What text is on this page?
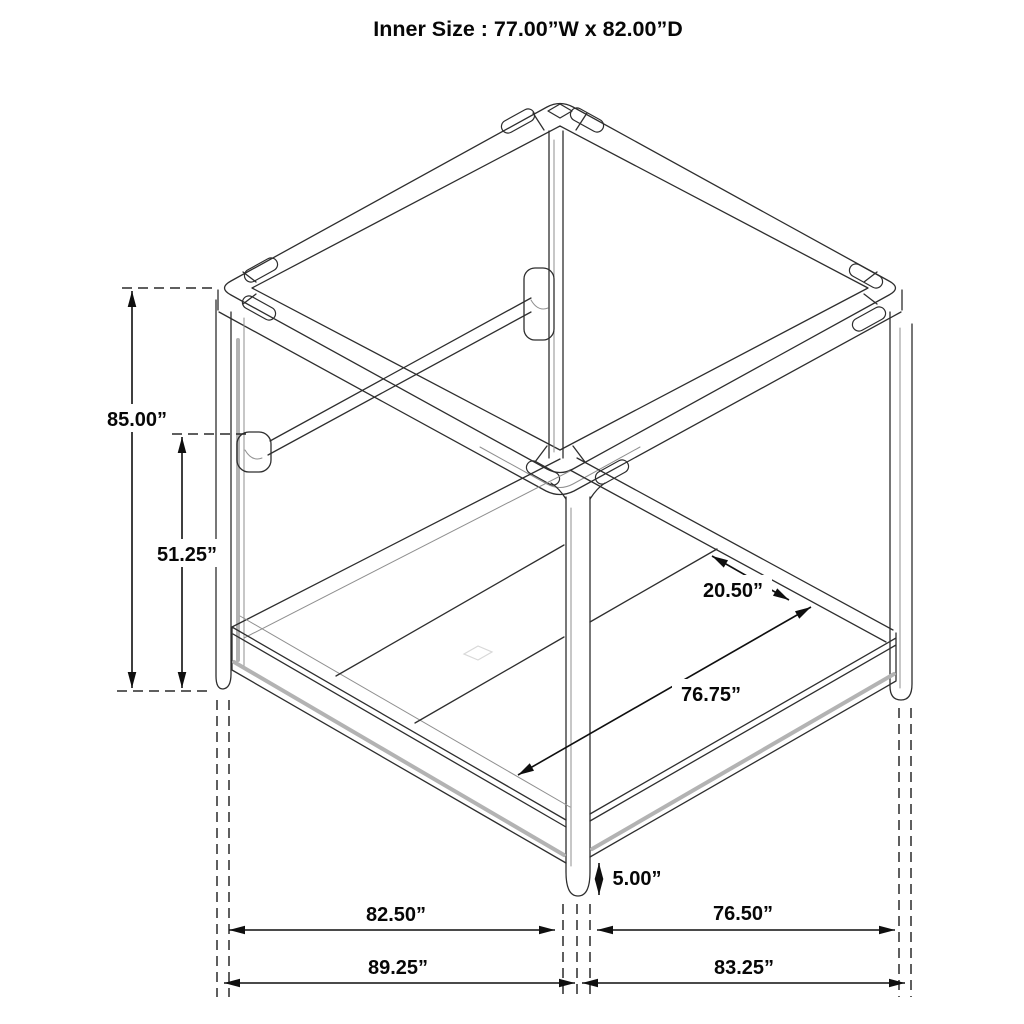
Inner Size : 77.00”W x 82.00”D
85.00”
51.25”
20.50”
76.75”
5.00”
82.50”	76.50”
89.25”	83.25”
